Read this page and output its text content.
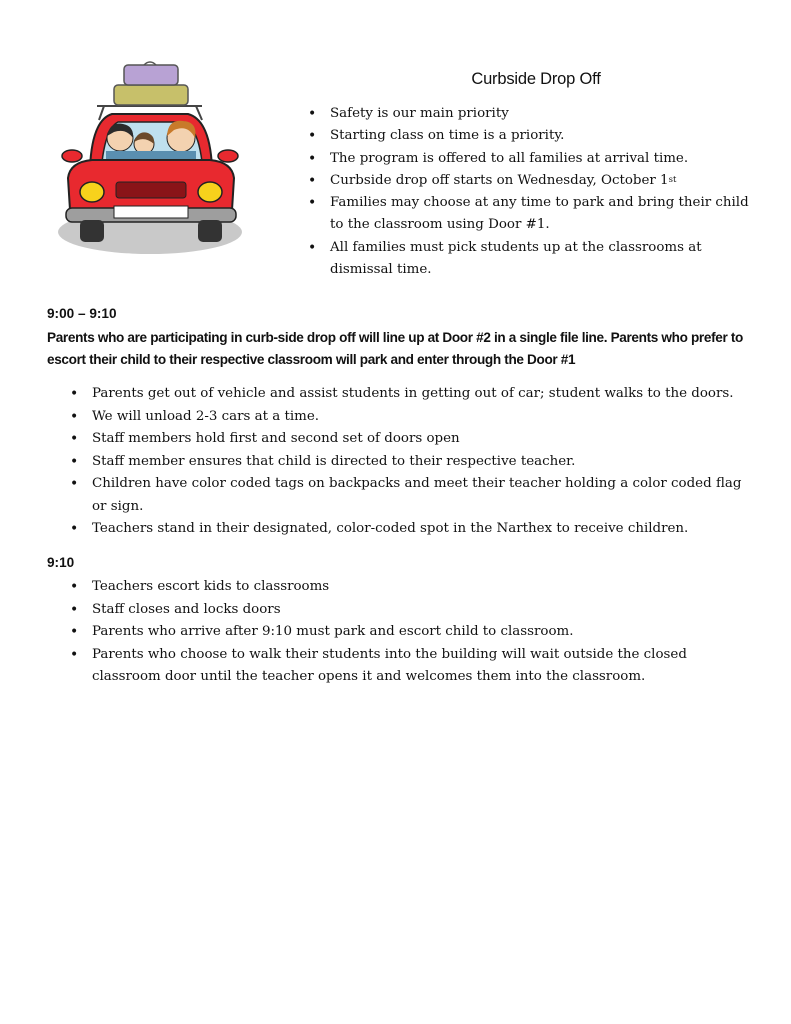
Curbside Drop Off
• Safety is our main priority
• Starting class on time is a priority.
• The program is offered to all families at arrival time.
• Curbside drop off starts on Wednesday, October 1st
• Families may choose at any time to park and bring their child to the classroom using Door #1.
• All families must pick students up at the classrooms at dismissal time.
9:00 – 9:10
Parents who are participating in curb-side drop off will line up at Door #2 in a single file line. Parents who prefer to escort their child to their respective classroom will park and enter through the Door #1
• Parents get out of vehicle and assist students in getting out of car; student walks to the doors.
• We will unload 2-3 cars at a time.
• Staff members hold first and second set of doors open
• Staff member ensures that child is directed to their respective teacher.
• Children have color coded tags on backpacks and meet their teacher holding a color coded flag or sign.
• Teachers stand in their designated, color-coded spot in the Narthex to receive children.
9:10
• Teachers escort kids to classrooms
• Staff closes and locks doors
• Parents who arrive after 9:10 must park and escort child to classroom.
• Parents who choose to walk their students into the building will wait outside the closed classroom door until the teacher opens it and welcomes them into the classroom.
